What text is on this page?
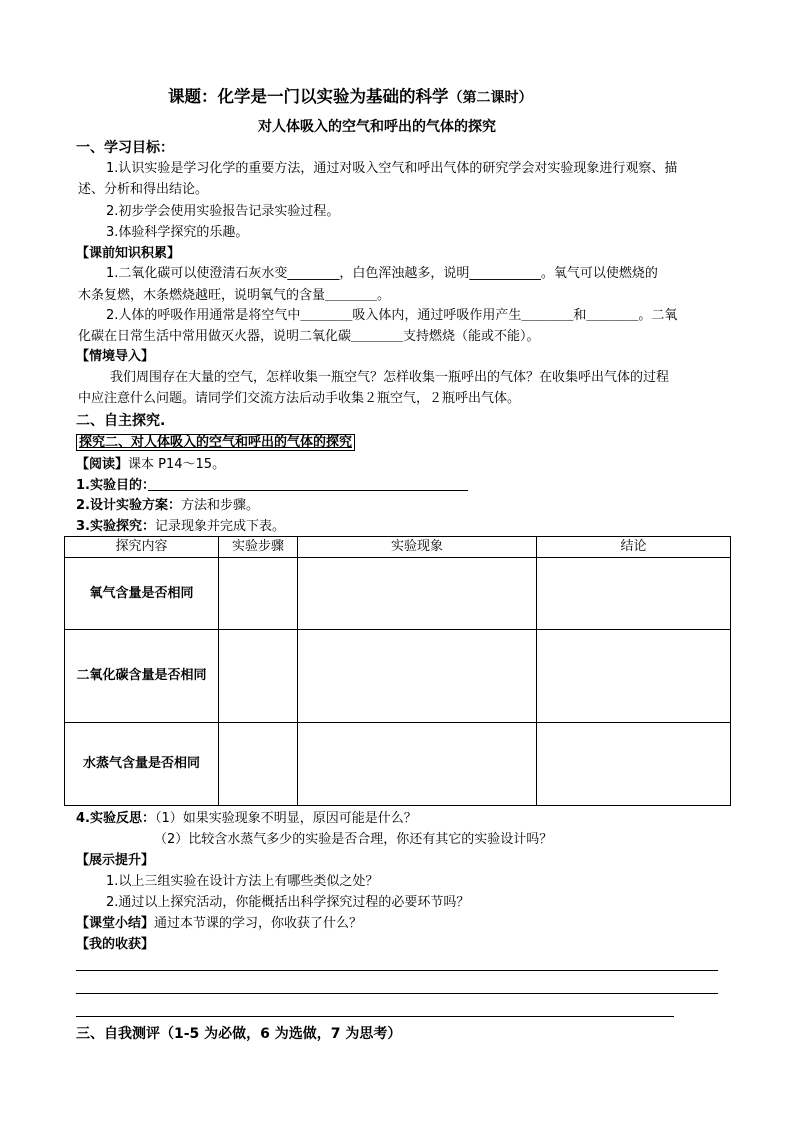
课题：化学是一门以实验为基础的科学（第二课时）
对人体吸入的空气和呼出的气体的探究
一、学习目标：
1.认识实验是学习化学的重要方法，通过对吸入空气和呼出气体的研究学会对实验现象进行观察、描
述、分析和得出结论。
2.初步学会使用实验报告记录实验过程。
3.体验科学探究的乐趣。
【课前知识积累】
1.二氧化碳可以使澄清石灰水变________，白色浑浊越多，说明___________。氧气可以使燃烧的
木条复燃，木条燃烧越旺，说明氧气的含量＿＿＿＿。
2.人体的呼吸作用通常是将空气中＿＿＿＿吸入体内，通过呼吸作用产生＿＿＿＿和＿＿＿＿。二氧
化碳在日常生活中常用做灭火器，说明二氧化碳＿＿＿＿支持燃烧（能或不能）。
【情境导入】
我们周围存在大量的空气，怎样收集一瓶空气？怎样收集一瓶呼出的气体？在收集呼出气体的过程
中应注意什么问题。请同学们交流方法后动手收集２瓶空气，２瓶呼出气体。
二、自主探究.
探究二、对人体吸入的空气和呼出的气体的探究
【阅读】课本 P14～15。
1.实验目的：
2.设计实验方案：方法和步骤。
3.实验探究：记录现象并完成下表。
探究内容	实验步骤	实验现象	结论
氧气含量是否相同			
二氧化碳含量是否相同			
水蒸气含量是否相同			
4.实验反思：（1）如果实验现象不明显，原因可能是什么？
（2）比较含水蒸气多少的实验是否合理，你还有其它的实验设计吗？
【展示提升】
1.以上三组实验在设计方法上有哪些类似之处？
2.通过以上探究活动，你能概括出科学探究过程的必要环节吗？
【课堂小结】通过本节课的学习，你收获了什么？
【我的收获】
三、自我测评（1-5 为必做，6 为选做，7 为思考）
